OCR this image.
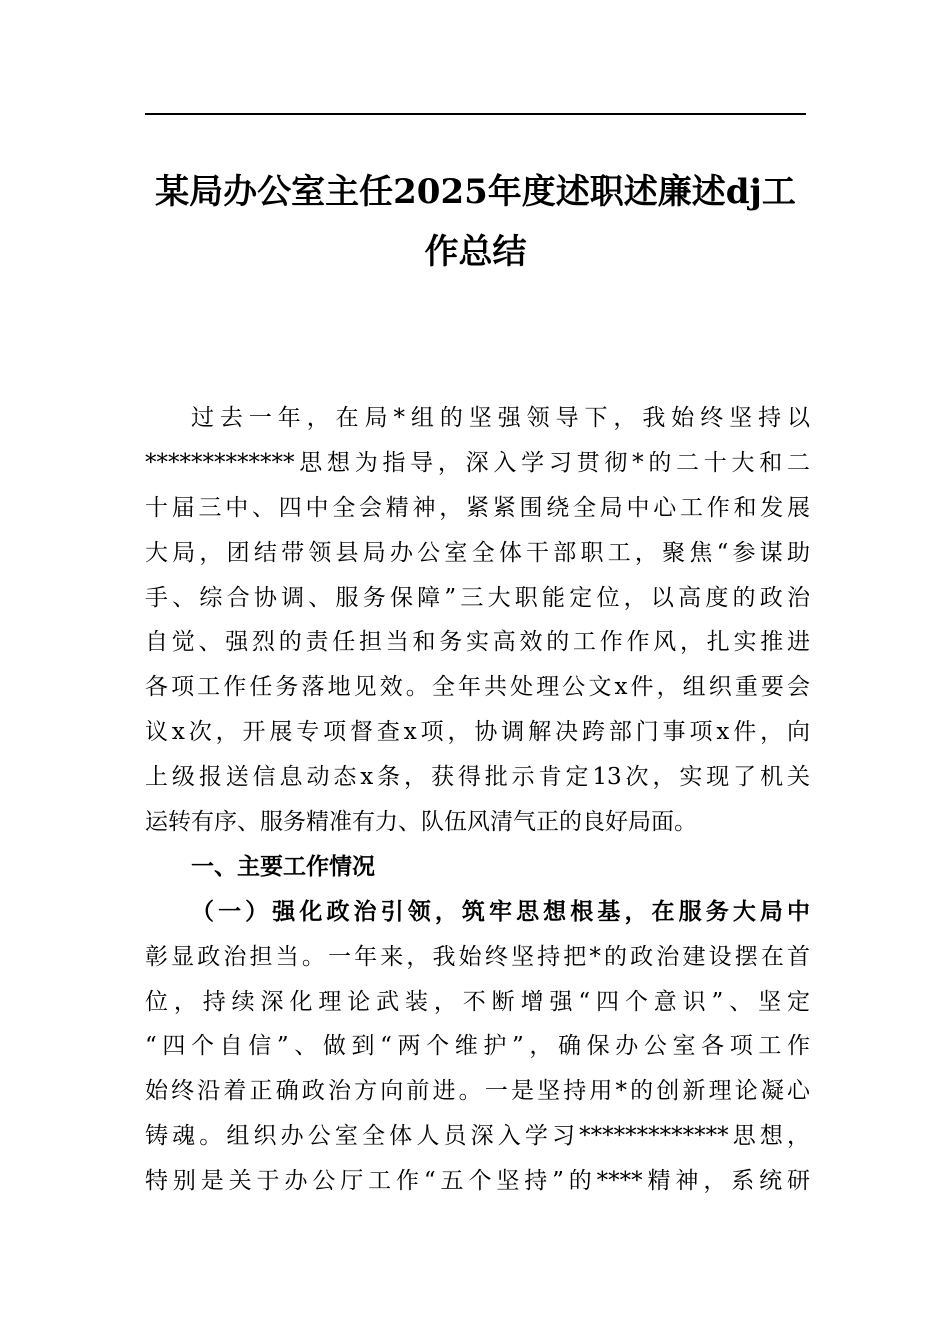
某局办公室主任2025年度述职述廉述dj工
作总结
过去一年，在局*组的坚强领导下，我始终坚持以
*************思想为指导，深入学习贯彻*的二十大和二
十届三中、四中全会精神，紧紧围绕全局中心工作和发展
大局，团结带领县局办公室全体干部职工，聚焦“参谋助
手、综合协调、服务保障”三大职能定位，以高度的政治
自觉、强烈的责任担当和务实高效的工作作风，扎实推进
各项工作任务落地见效。全年共处理公文x件，组织重要会
议x次，开展专项督查x项，协调解决跨部门事项x件，向
上级报送信息动态x条，获得批示肯定13次，实现了机关
运转有序、服务精准有力、队伍风清气正的良好局面。
一、主要工作情况
（一）强化政治引领，筑牢思想根基，在服务大局中
彰显政治担当。一年来，我始终坚持把*的政治建设摆在首
位，持续深化理论武装，不断增强“四个意识”、坚定
“四个自信”、做到“两个维护”，确保办公室各项工作
始终沿着正确政治方向前进。一是坚持用*的创新理论凝心
铸魂。组织办公室全体人员深入学习*************思想，
特别是关于办公厅工作“五个坚持”的****精神，系统研
